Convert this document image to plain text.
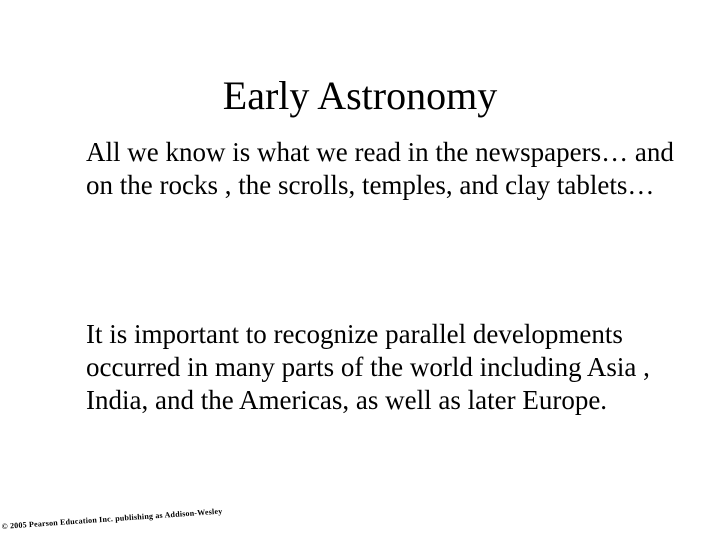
Early Astronomy
All we know is what we read in the newspapers… and on the rocks , the scrolls, temples, and clay tablets…
It is important to recognize parallel developments occurred in many parts of the world including Asia , India, and the Americas, as well as later Europe.
© 2005 Pearson Education Inc. publishing as Addison-Wesley
